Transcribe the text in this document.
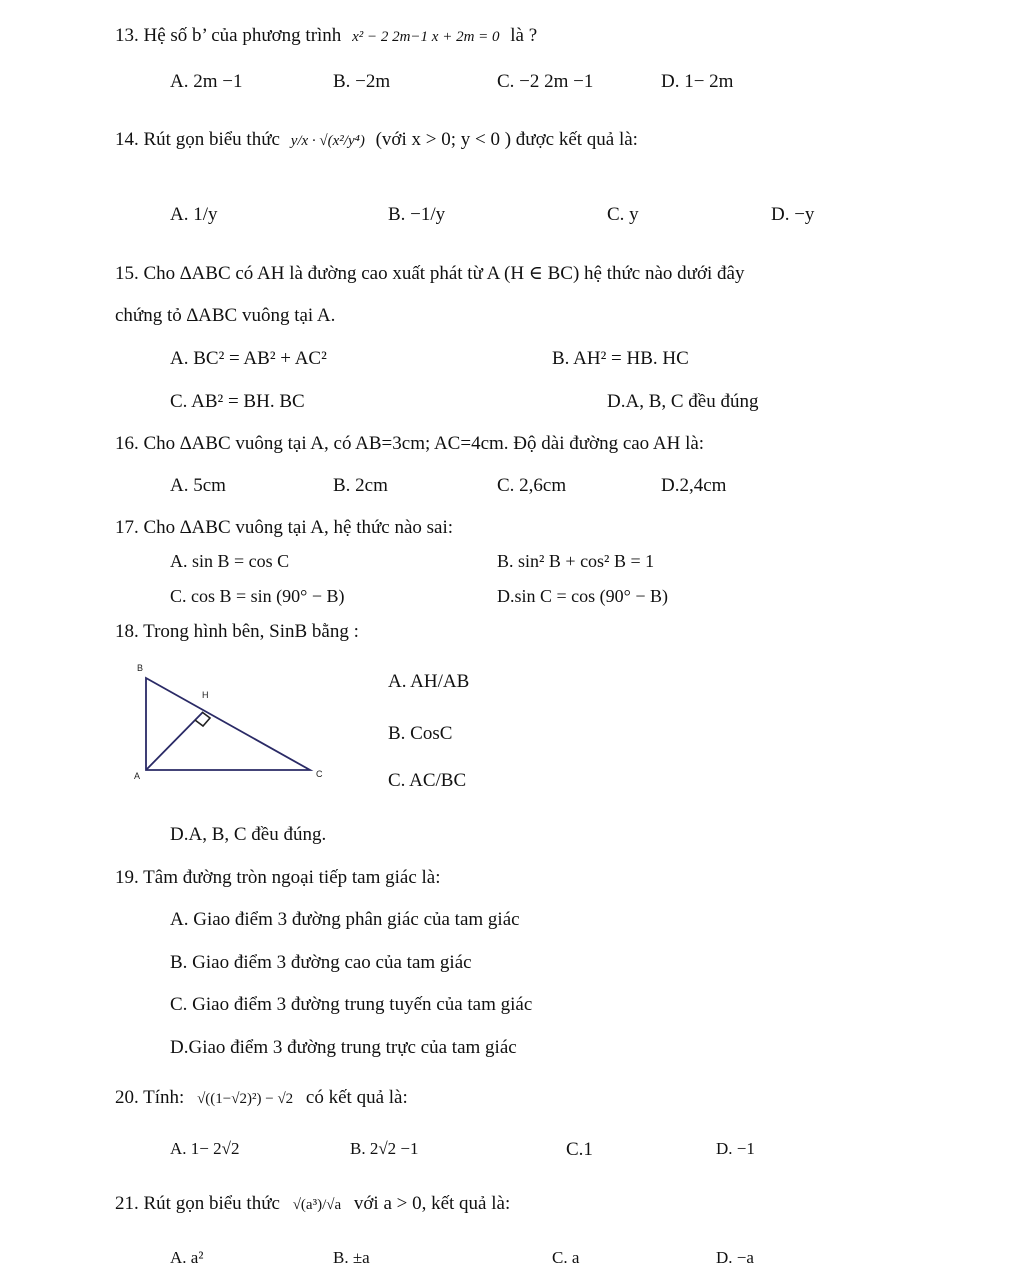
13. Hệ số b’ của phương trình x² − 2 2m−1 x + 2m = 0 là ?
A. 2m −1	B. −2m	C. −2 2m −1	D. 1− 2m
14. Rút gọn biểu thức y/x · √(x²/y⁴) (với x > 0; y < 0 ) được kết quả là:
A. 1/y	B. −1/y	C. y	D. −y
15. Cho ∆ABC có AH là đường cao xuất phát từ A (H ∈ BC) hệ thức nào dưới đây
chứng tỏ ∆ABC vuông tại A.
A. BC² = AB² + AC²	B. AH² = HB. HC
C. AB² = BH. BC	D.A, B, C đều đúng
16. Cho ∆ABC vuông tại A, có AB=3cm; AC=4cm. Độ dài đường cao AH là:
A. 5cm	B. 2cm	C. 2,6cm	D.2,4cm
17. Cho ∆ABC vuông tại A, hệ thức nào sai:
A. sin B = cos C	B. sin² B + cos² B = 1
C. cos B = sin (90° − B)	D.sin C = cos (90° − B)
18. Trong hình bên, SinB bằng :
B
H
A	C
A. AH/AB
B. CosC
C. AC/BC
D.A, B, C đều đúng.
19. Tâm đường tròn ngoại tiếp tam giác là:
A. Giao điểm 3 đường phân giác của tam giác
B. Giao điểm 3 đường cao của tam giác
C. Giao điểm 3 đường trung tuyến của tam giác
D.Giao điểm 3 đường trung trực của tam giác
20. Tính: √((1−√2)²) − √2 có kết quả là:
A. 1− 2√2	B. 2√2 −1	C.1	D. −1
21. Rút gọn biểu thức √(a³)/√a với a > 0, kết quả là:
A. a²	B. ±a	C. a	D. −a
